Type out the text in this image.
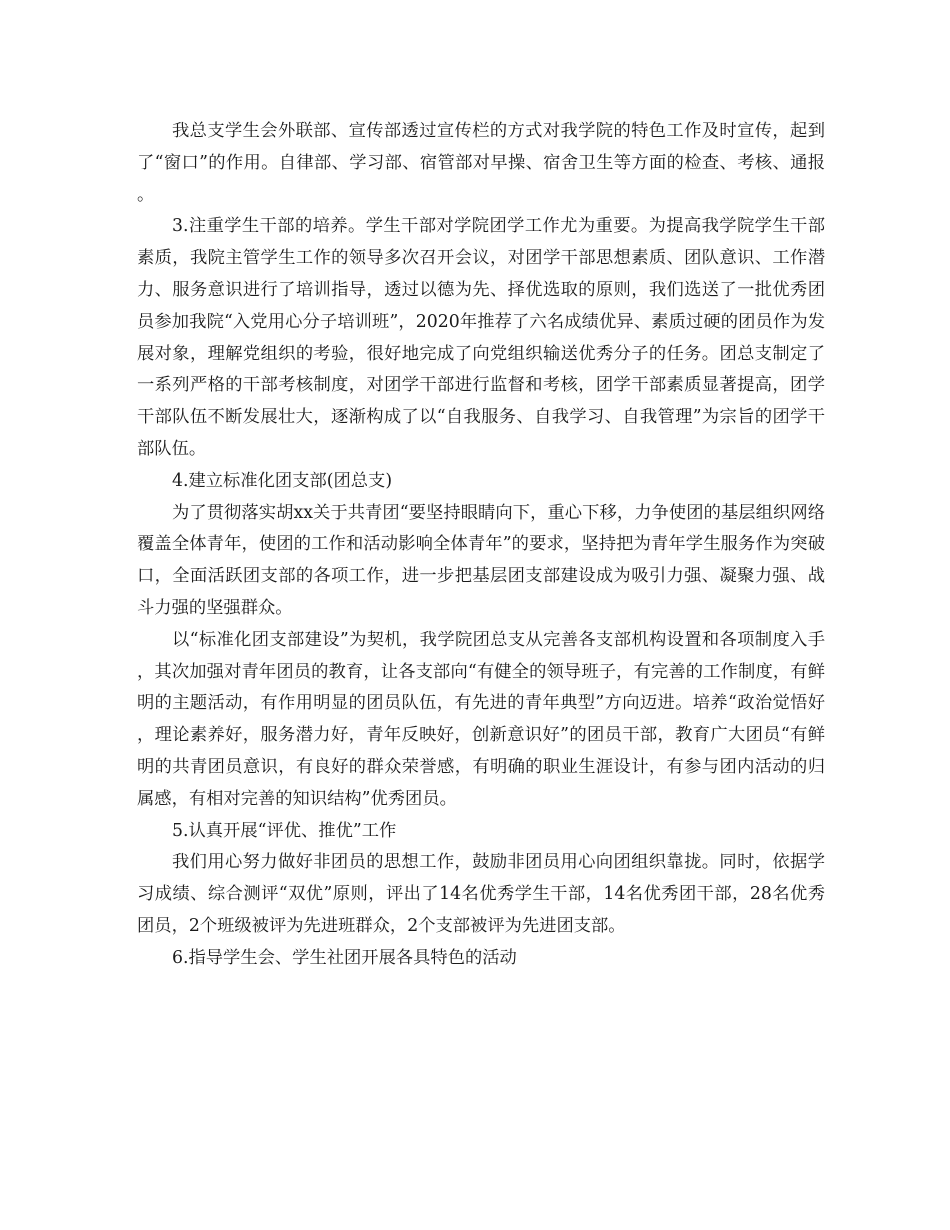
我总支学生会外联部、宣传部透过宣传栏的方式对我学院的特色工作及时宣传，起到了“窗口”的作用。自律部、学习部、宿管部对早操、宿舍卫生等方面的检查、考核、通报。

3.注重学生干部的培养。学生干部对学院团学工作尤为重要。为提高我学院学生干部素质，我院主管学生工作的领导多次召开会议，对团学干部思想素质、团队意识、工作潜力、服务意识进行了培训指导，透过以德为先、择优选取的原则，我们选送了一批优秀团员参加我院“入党用心分子培训班”，2020年推荐了六名成绩优异、素质过硬的团员作为发展对象，理解党组织的考验，很好地完成了向党组织输送优秀分子的任务。团总支制定了一系列严格的干部考核制度，对团学干部进行监督和考核，团学干部素质显著提高，团学干部队伍不断发展壮大，逐渐构成了以“自我服务、自我学习、自我管理”为宗旨的团学干部队伍。

4.建立标准化团支部(团总支)

为了贯彻落实胡xx关于共青团“要坚持眼睛向下，重心下移，力争使团的基层组织网络覆盖全体青年，使团的工作和活动影响全体青年”的要求，坚持把为青年学生服务作为突破口，全面活跃团支部的各项工作，进一步把基层团支部建设成为吸引力强、凝聚力强、战斗力强的坚强群众。

以“标准化团支部建设”为契机，我学院团总支从完善各支部机构设置和各项制度入手，其次加强对青年团员的教育，让各支部向“有健全的领导班子，有完善的工作制度，有鲜明的主题活动，有作用明显的团员队伍，有先进的青年典型”方向迈进。培养“政治觉悟好，理论素养好，服务潜力好，青年反映好，创新意识好”的团员干部，教育广大团员“有鲜明的共青团员意识，有良好的群众荣誉感，有明确的职业生涯设计，有参与团内活动的归属感，有相对完善的知识结构”优秀团员。

5.认真开展“评优、推优”工作

我们用心努力做好非团员的思想工作，鼓励非团员用心向团组织靠拢。同时，依据学习成绩、综合测评“双优”原则，评出了14名优秀学生干部，14名优秀团干部，28名优秀团员，2个班级被评为先进班群众，2个支部被评为先进团支部。

6.指导学生会、学生社团开展各具特色的活动
